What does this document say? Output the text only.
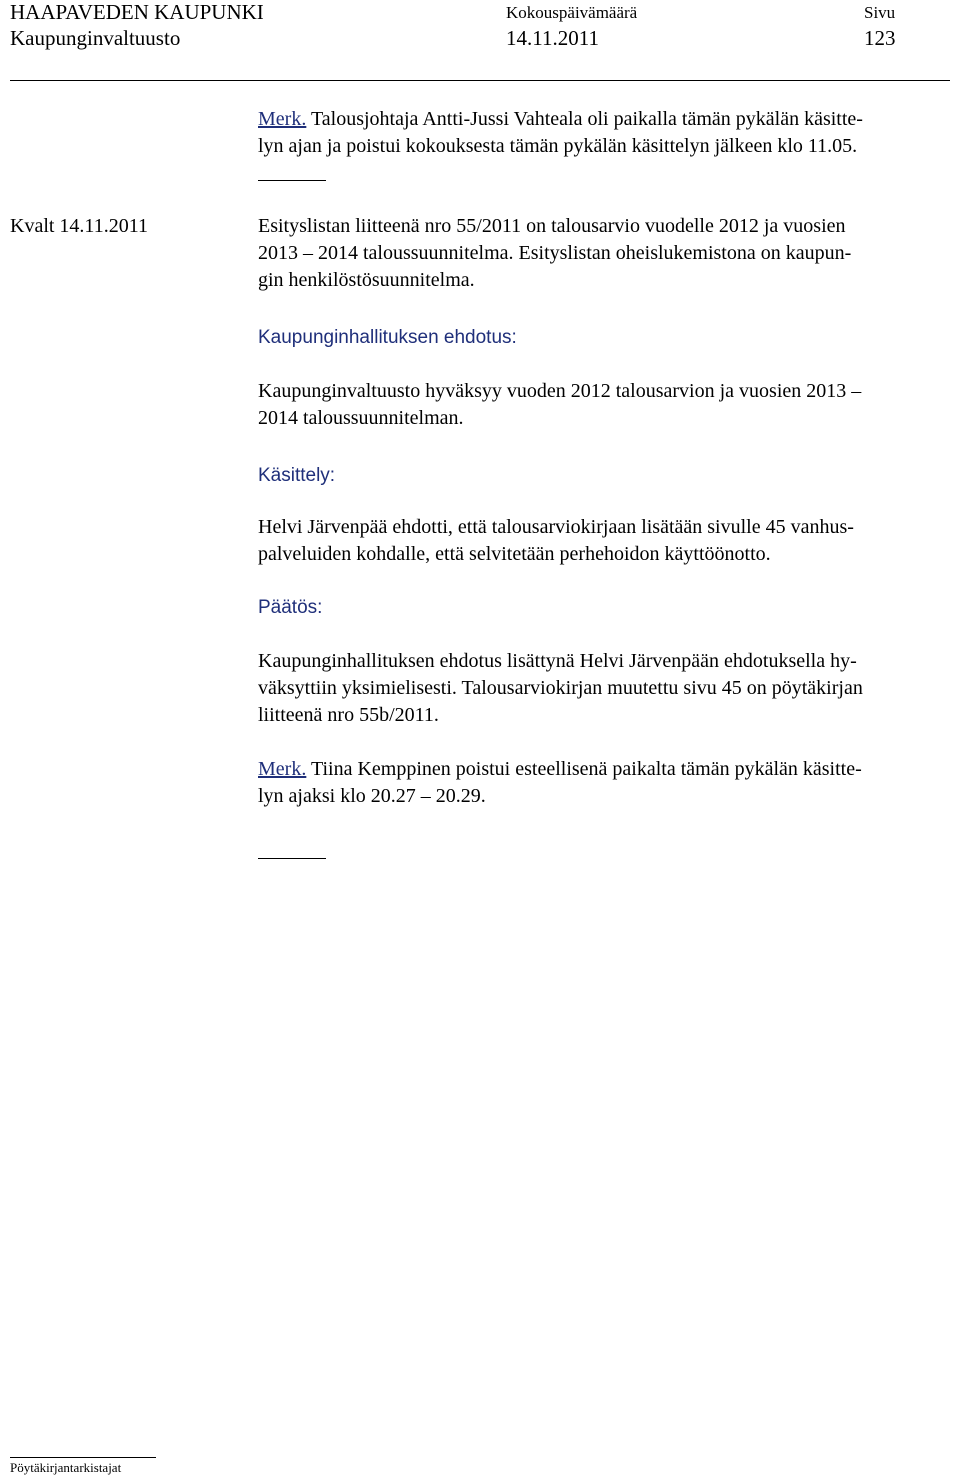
HAAPAVEDEN KAUPUNKI
Kaupunginvaltuusto
Kokouspäivämäärä
14.11.2011
Sivu
123
Merk. Talousjohtaja Antti-Jussi Vahteala oli paikalla tämän pykälän käsitte-
lyn ajan ja poistui kokouksesta tämän pykälän käsittelyn jälkeen klo 11.05.
Kvalt 14.11.2011	Esityslistan liitteenä nro 55/2011 on talousarvio vuodelle 2012 ja vuosien
2013 – 2014 taloussuunnitelma. Esityslistan oheislukemistona on kaupun-
gin henkilöstösuunnitelma.
Kaupunginhallituksen ehdotus:
Kaupunginvaltuusto hyväksyy vuoden 2012 talousarvion ja vuosien 2013 –
2014 taloussuunnitelman.
Käsittely:
Helvi Järvenpää ehdotti, että talousarviokirjaan lisätään sivulle 45 vanhus-
palveluiden kohdalle, että selvitetään perhehoidon käyttöönotto.
Päätös:
Kaupunginhallituksen ehdotus lisättynä Helvi Järvenpään ehdotuksella hy-
väksyttiin yksimielisesti. Talousarviokirjan muutettu sivu 45 on pöytäkirjan
liitteenä nro 55b/2011.
Merk. Tiina Kemppinen poistui esteellisenä paikalta tämän pykälän käsitte-
lyn ajaksi klo 20.27 – 20.29.
Pöytäkirjantarkistajat
